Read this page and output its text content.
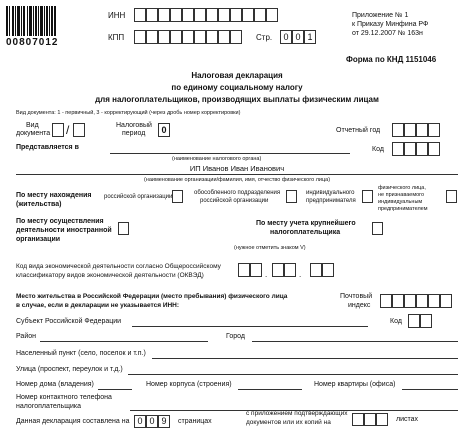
00807012
ИНН
КПП	Стр.	0 0 1
Приложение № 1
к Приказу Минфина РФ
от 29.12.2007 № 163н
Форма по КНД 1151046
Налоговая декларация
по единому социальному налогу
для налогоплательщиков, производящих выплаты физическим лицам
Вид документа: 1 - первичный, 3 - корректирующий (через дробь номер корректировки)
Вид
документа /	Налоговый
период	0	Отчетный год
Представляется в
(наименование налогового органа)
Код
ИП Иванов Иван Иванович
(наименование организации/фамилия, имя, отчество физического лица)
По месту нахождения
(жительства)
российской организации
обособленного подразделения
российской организации
индивидуального
предпринимателя
физического лица,
не признаваемого
индивидуальным
предпринимателем
По месту осуществления
деятельности иностранной
организации
По месту учета крупнейшего
налогоплательщика
(нужное отметить знаком V)
Код вида экономической деятельности согласно Общероссийскому
классификатору видов экономической деятельности (ОКВЭД)	.	.
Место жительства в Российской Федерации (место пребывания) физического лица
в случае, если в декларации не указывается ИНН:
Почтовый
индекс
Субъект Российской Федерации	Код
Район	Город
Населенный пункт (село, поселок и т.п.)
Улица (проспект, переулок и т.д.)
Номер дома (владения)	Номер корпуса (строения)	Номер квартиры (офиса)
Номер контактного телефона
налогоплательщика
Данная декларация составлена на 0 0 9	страницах
с приложением подтверждающих
документов или их копий на	листах
